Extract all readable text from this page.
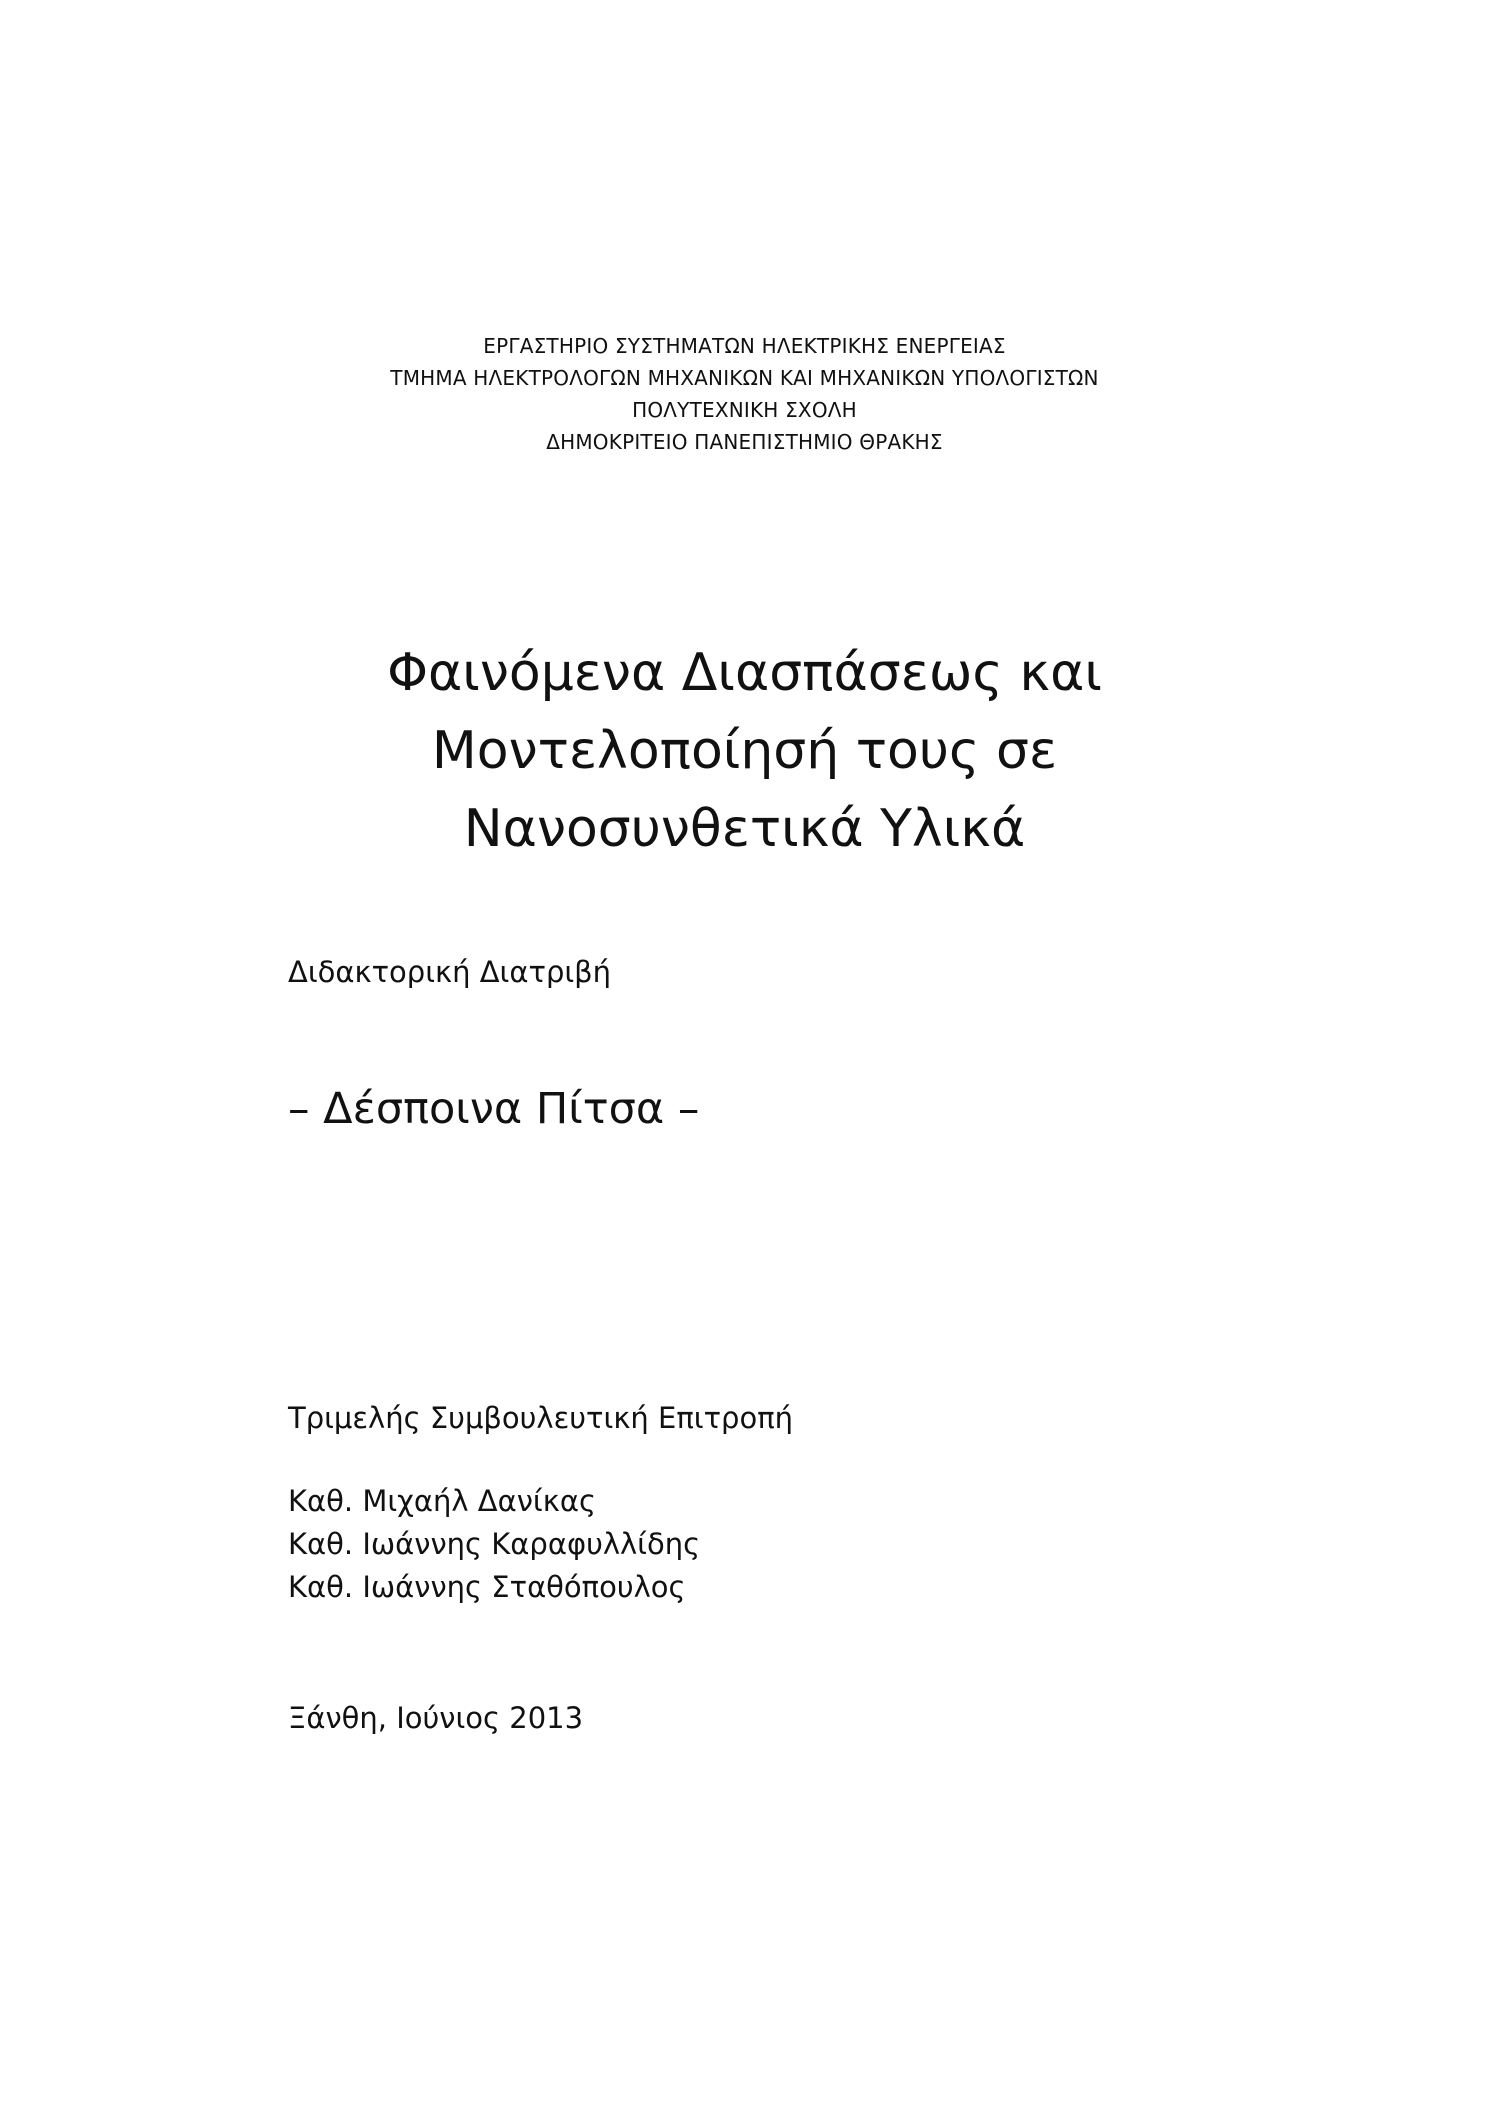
ΕΡΓΑΣΤΗΡΙΟ ΣΥΣΤΗΜΑΤΩΝ ΗΛΕΚΤΡΙΚΗΣ ΕΝΕΡΓΕΙΑΣ
ΤΜΗΜΑ ΗΛΕΚΤΡΟΛΟΓΩΝ ΜΗΧΑΝΙΚΩΝ ΚΑΙ ΜΗΧΑΝΙΚΩΝ ΥΠΟΛΟΓΙΣΤΩΝ
ΠΟΛΥΤΕΧΝΙΚΗ ΣΧΟΛΗ
ΔΗΜΟΚΡΙΤΕΙΟ ΠΑΝΕΠΙΣΤΗΜΙΟ ΘΡΑΚΗΣ
Φαινόμενα Διασπάσεως και
Μοντελοποίησή τους σε
Νανοσυνθετικά Υλικά
Διδακτορική Διατριβή
– Δέσποινα Πίτσα –
Τριμελής Συμβουλευτική Επιτροπή
Καθ. Μιχαήλ Δανίκας
Καθ. Ιωάννης Καραφυλλίδης
Καθ. Ιωάννης Σταθόπουλος
Ξάνθη, Ιούνιος 2013
